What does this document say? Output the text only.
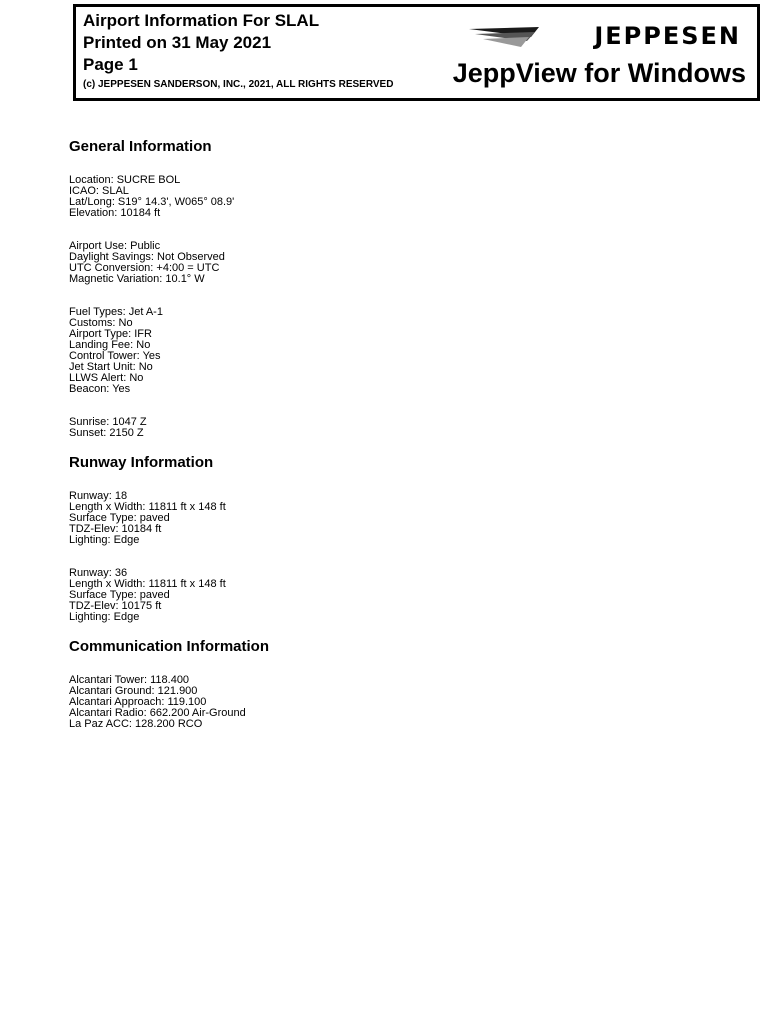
Airport Information For SLAL
Printed on 31 May 2021
Page 1
(c) JEPPESEN SANDERSON, INC., 2021, ALL RIGHTS RESERVED
JEPPESEN
JeppView for Windows
General Information
Location: SUCRE BOL
ICAO: SLAL
Lat/Long: S19° 14.3', W065° 08.9'
Elevation: 10184 ft
Airport Use: Public
Daylight Savings: Not Observed
UTC Conversion: +4:00 = UTC
Magnetic Variation: 10.1° W
Fuel Types: Jet A-1
Customs: No
Airport Type: IFR
Landing Fee: No
Control Tower: Yes
Jet Start Unit: No
LLWS Alert: No
Beacon: Yes
Sunrise: 1047 Z
Sunset: 2150 Z
Runway Information
Runway: 18
Length x Width: 11811 ft x 148 ft
Surface Type: paved
TDZ-Elev: 10184 ft
Lighting: Edge
Runway: 36
Length x Width: 11811 ft x 148 ft
Surface Type: paved
TDZ-Elev: 10175 ft
Lighting: Edge
Communication Information
Alcantari Tower: 118.400
Alcantari Ground: 121.900
Alcantari Approach: 119.100
Alcantari Radio: 662.200 Air-Ground
La Paz ACC: 128.200 RCO
